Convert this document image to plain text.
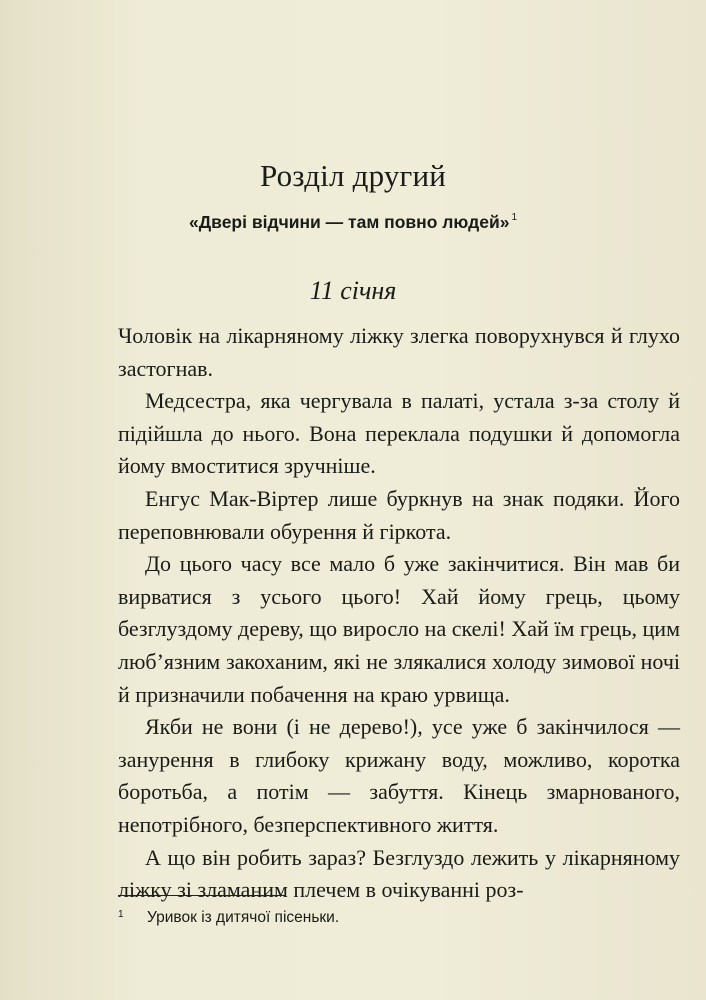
Розділ другий
«Двері відчини — там повно людей» $^1$
11 січня

Чоловік на лікарняному ліжку злегка поворухнувся й глухо застогнав.

Медсестра, яка чергувала в палаті, устала з-за столу й підійшла до нього. Вона переклала подушки й допомогла йому вмоститися зручніше.

Енгус Мак-Віртер лише буркнув на знак подяки. Його переповнювали обурення й гіркота.

До цього часу все мало б уже закінчитися. Він мав би вирватися з усього цього! Хай йому грець, цьому безглуздому дереву, що виросло на скелі! Хай їм грець, цим люб’язним закоханим, які не злякалися холоду зимової ночі й призначили побачення на краю урвища.

Якби не вони (і не дерево!), усе уже б закінчилося — занурення в глибоку крижану воду, можливо, коротка боротьба, а потім — забуття. Кінець змарнованого, непотрібного, безперспективного життя.

А що він робить зараз? Безглуздо лежить у лікарняному ліжку зі зламаним плечем в очікуванні роз-

1 Уривок із дитячої пісеньки.
